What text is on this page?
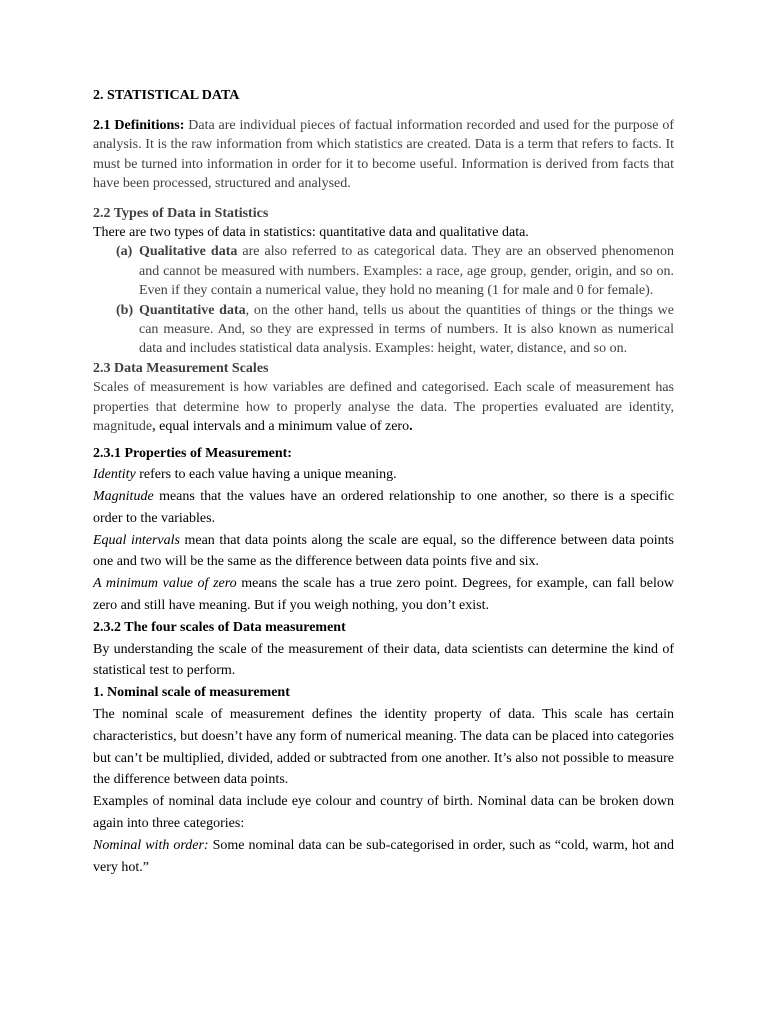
2. STATISTICAL DATA

2.1 Definitions: Data are individual pieces of factual information recorded and used for the purpose of analysis. It is the raw information from which statistics are created. Data is a term that refers to facts. It must be turned into information in order for it to become useful. Information is derived from facts that have been processed, structured and analysed.

2.2 Types of Data in Statistics

There are two types of data in statistics: quantitative data and qualitative data.

(a) Qualitative data are also referred to as categorical data. They are an observed phenomenon and cannot be measured with numbers. Examples: a race, age group, gender, origin, and so on. Even if they contain a numerical value, they hold no meaning (1 for male and 0 for female).
(b) Quantitative data, on the other hand, tells us about the quantities of things or the things we can measure. And, so they are expressed in terms of numbers. It is also known as numerical data and includes statistical data analysis. Examples: height, water, distance, and so on.

2.3 Data Measurement Scales

Scales of measurement is how variables are defined and categorised. Each scale of measurement has properties that determine how to properly analyse the data. The properties evaluated are identity, magnitude, equal intervals and a minimum value of zero.

2.3.1 Properties of Measurement:

Identity refers to each value having a unique meaning.

Magnitude means that the values have an ordered relationship to one another, so there is a specific order to the variables.

Equal intervals mean that data points along the scale are equal, so the difference between data points one and two will be the same as the difference between data points five and six.

A minimum value of zero means the scale has a true zero point. Degrees, for example, can fall below zero and still have meaning. But if you weigh nothing, you don’t exist.

2.3.2 The four scales of Data measurement

By understanding the scale of the measurement of their data, data scientists can determine the kind of statistical test to perform.

1. Nominal scale of measurement

The nominal scale of measurement defines the identity property of data. This scale has certain characteristics, but doesn’t have any form of numerical meaning. The data can be placed into categories but can’t be multiplied, divided, added or subtracted from one another. It’s also not possible to measure the difference between data points.

Examples of nominal data include eye colour and country of birth. Nominal data can be broken down again into three categories:

Nominal with order: Some nominal data can be sub-categorised in order, such as “cold, warm, hot and very hot.”
